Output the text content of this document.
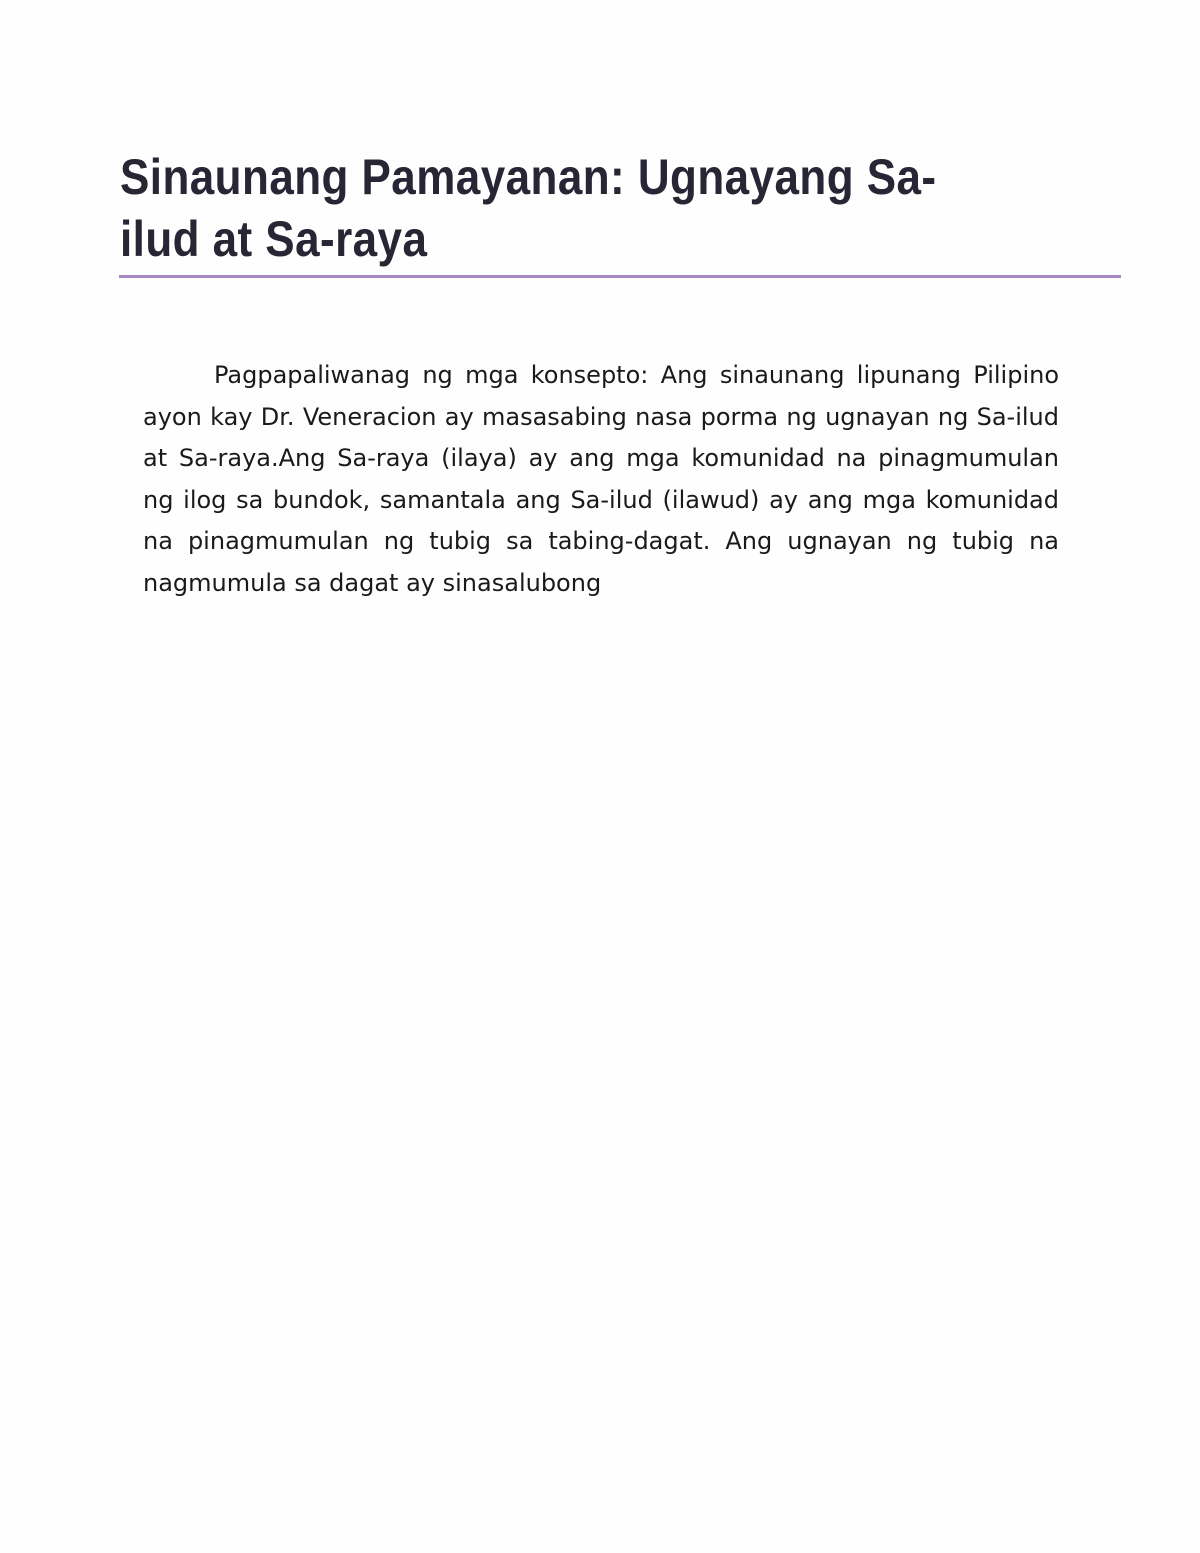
Sinaunang Pamayanan: Ugnayang Sa-ilud at Sa-raya

Pagpapaliwanag ng mga konsepto: Ang sinaunang lipunang Pilipino ayon kay Dr. Veneracion ay masasabing nasa porma ng ugnayan ng Sa-ilud at Sa-raya.Ang Sa-raya (ilaya) ay ang mga komunidad na pinagmumulan ng ilog sa bundok, samantala ang Sa-ilud (ilawud) ay ang mga komunidad na pinagmumulan ng tubig sa tabing-dagat. Ang ugnayan ng tubig na nagmumula sa dagat ay sinasalubong
